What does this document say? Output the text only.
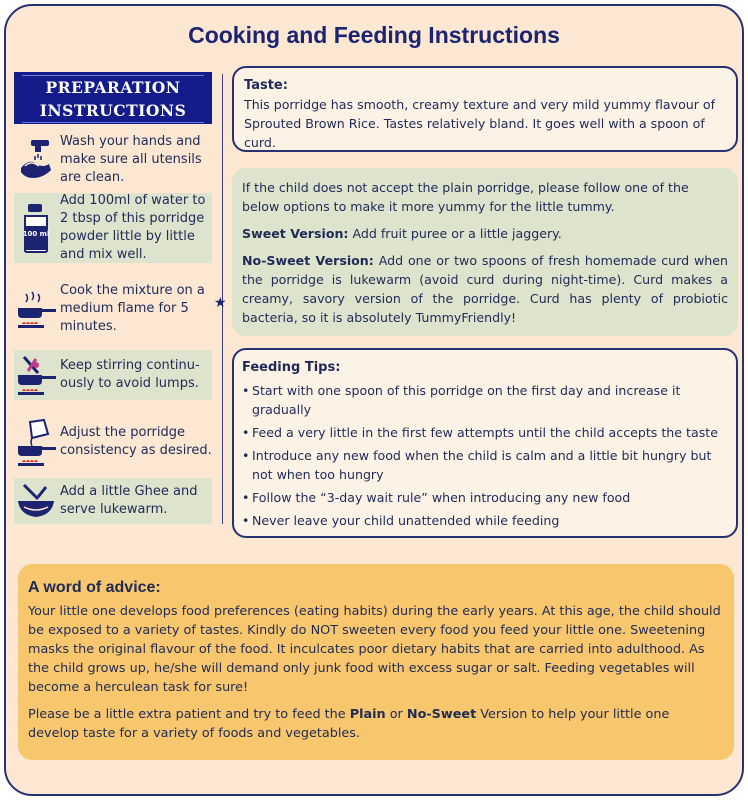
Cooking and Feeding Instructions
PREPARATION
INSTRUCTIONS
★
Wash your hands and make sure all utensils are clean.
100 ml
Add 100ml of water to 2 tbsp of this porridge powder little by little and mix well.
Cook the mixture on a medium flame for 5 minutes.
Keep stirring continu-ously to avoid lumps.
Adjust the porridge consistency as desired.
Add a little Ghee and serve lukewarm.
Taste:
This porridge has smooth, creamy texture and very mild yummy flavour of Sprouted Brown Rice. Tastes relatively bland. It goes well with a spoon of curd.

If the child does not accept the plain porridge, please follow one of the below options to make it more yummy for the little tummy.

Sweet Version: Add fruit puree or a little jaggery.

No-Sweet Version: Add one or two spoons of fresh homemade curd when the porridge is lukewarm (avoid curd during night-time). Curd makes a creamy, savory version of the porridge. Curd has plenty of probiotic bacteria, so it is absolutely TummyFriendly!

Feeding Tips:
• Start with one spoon of this porridge on the first day and increase it gradually
• Feed a very little in the first few attempts until the child accepts the taste
• Introduce any new food when the child is calm and a little bit hungry but not when too hungry
• Follow the “3-day wait rule” when introducing any new food
• Never leave your child unattended while feeding
A word of advice:

Your little one develops food preferences (eating habits) during the early years. At this age, the child should be exposed to a variety of tastes. Kindly do NOT sweeten every food you feed your little one. Sweetening masks the original flavour of the food. It inculcates poor dietary habits that are carried into adulthood. As the child grows up, he/she will demand only junk food with excess sugar or salt. Feeding vegetables will become a herculean task for sure!

Please be a little extra patient and try to feed the Plain or No-Sweet Version to help your little one develop taste for a variety of foods and vegetables.
